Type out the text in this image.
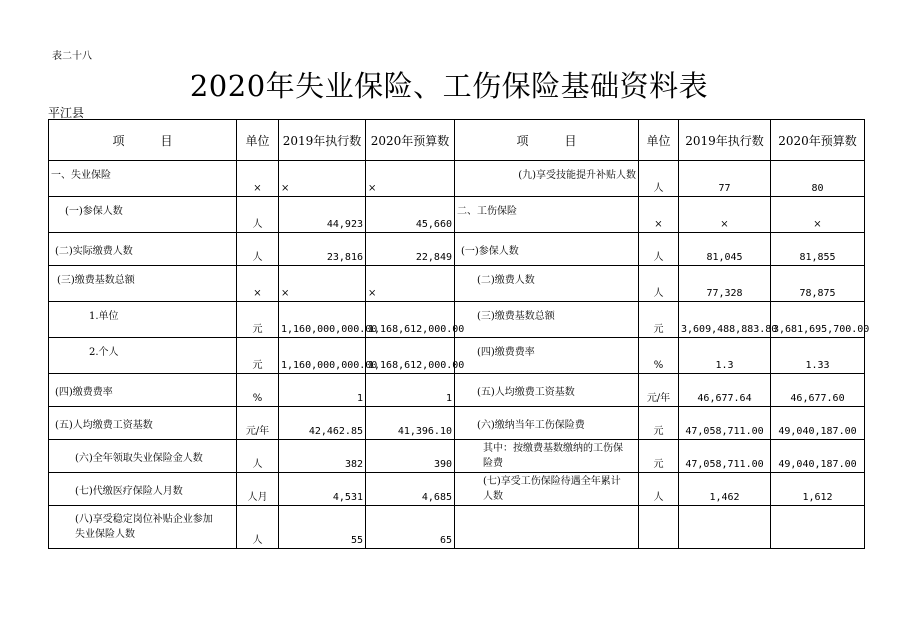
表二十八
2020年失业保险、工伤保险基础资料表
平江县
项　　　目	单位	2019年执行数	2020年预算数	项　　　目	单位	2019年执行数	2020年预算数
一、失业保险	×	×	×	(九)享受技能提升补贴人数	人	77	80
(一)参保人数	人	44,923	45,660	二、工伤保险	×	×	×
(二)实际缴费人数	人	23,816	22,849	(一)参保人数	人	81,045	81,855
(三)缴费基数总额	×	×	×	(二)缴费人数	人	77,328	78,875
1.单位	元	1,160,000,000.00	1,168,612,000.00	(三)缴费基数总额	元	3,609,488,883.80	3,681,695,700.00
2.个人	元	1,160,000,000.00	1,168,612,000.00	(四)缴费费率	%	1.3	1.33
(四)缴费费率	%	1	1	(五)人均缴费工资基数	元/年	46,677.64	46,677.60
(五)人均缴费工资基数	元/年	42,462.85	41,396.10	(六)缴纳当年工伤保险费	元	47,058,711.00	49,040,187.00
(六)全年领取失业保险金人数	人	382	390	其中：按缴费基数缴纳的工伤保险费	元	47,058,711.00	49,040,187.00
(七)代缴医疗保险人月数	人月	4,531	4,685	(七)享受工伤保险待遇全年累计人数	人	1,462	1,612
(八)享受稳定岗位补贴企业参加失业保险人数	人	55	65				
